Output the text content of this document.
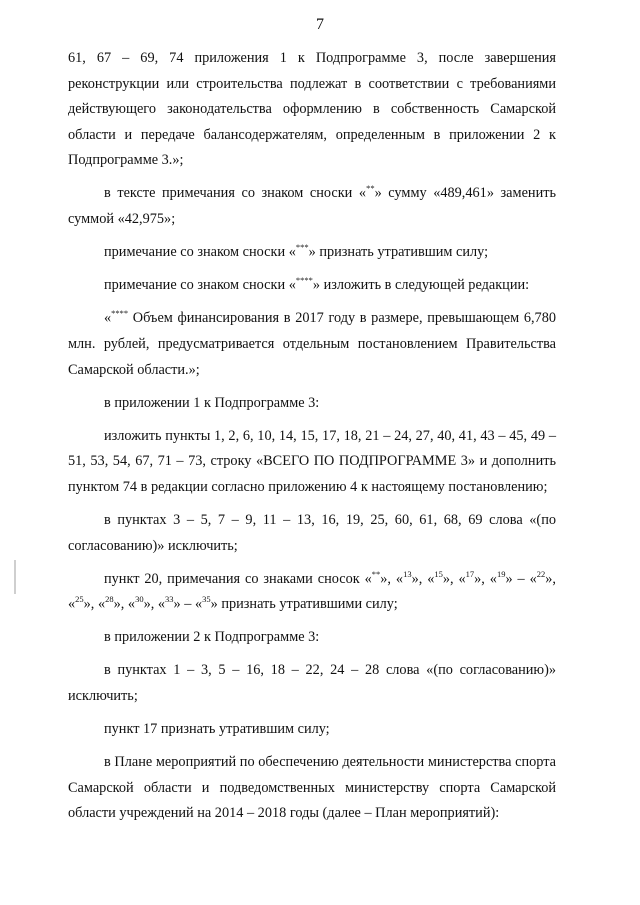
7

61, 67 – 69, 74 приложения 1 к Подпрограмме 3, после завершения реконструкции или строительства подлежат в соответствии с требованиями действующего законодательства оформлению в собственность Самарской области и передаче балансодержателям, определенным в приложении 2 к Подпрограмме 3.»;

в тексте примечания со знаком сноски «**» сумму «489,461» заменить суммой «42,975»;

примечание со знаком сноски «***» признать утратившим силу;

примечание со знаком сноски «****» изложить в следующей редакции:

«**** Объем финансирования в 2017 году в размере, превышающем 6,780 млн. рублей, предусматривается отдельным постановлением Правительства Самарской области.»;

в приложении 1 к Подпрограмме 3:

изложить пункты 1, 2, 6, 10, 14, 15, 17, 18, 21 – 24, 27, 40, 41, 43 – 45, 49 – 51, 53, 54, 67, 71 – 73, строку «ВСЕГО ПО ПОДПРОГРАММЕ 3» и дополнить пунктом 74 в редакции согласно приложению 4 к настоящему постановлению;

в пунктах 3 – 5, 7 – 9, 11 – 13, 16, 19, 25, 60, 61, 68, 69 слова «(по согласованию)» исключить;

пункт 20, примечания со знаками сносок «**», «$^{13}$», «$^{15}$», «$^{17}$», «$^{19}$» – «$^{22}$», «$^{25}$», «$^{28}$», «$^{30}$», «$^{33}$» – «$^{35}$» признать утратившими силу;

в приложении 2 к Подпрограмме 3:

в пунктах 1 – 3, 5 – 16, 18 – 22, 24 – 28 слова «(по согласованию)» исключить;

пункт 17 признать утратившим силу;

в Плане мероприятий по обеспечению деятельности министерства спорта Самарской области и подведомственных министерству спорта Самарской области учреждений на 2014 – 2018 годы (далее – План мероприятий):
